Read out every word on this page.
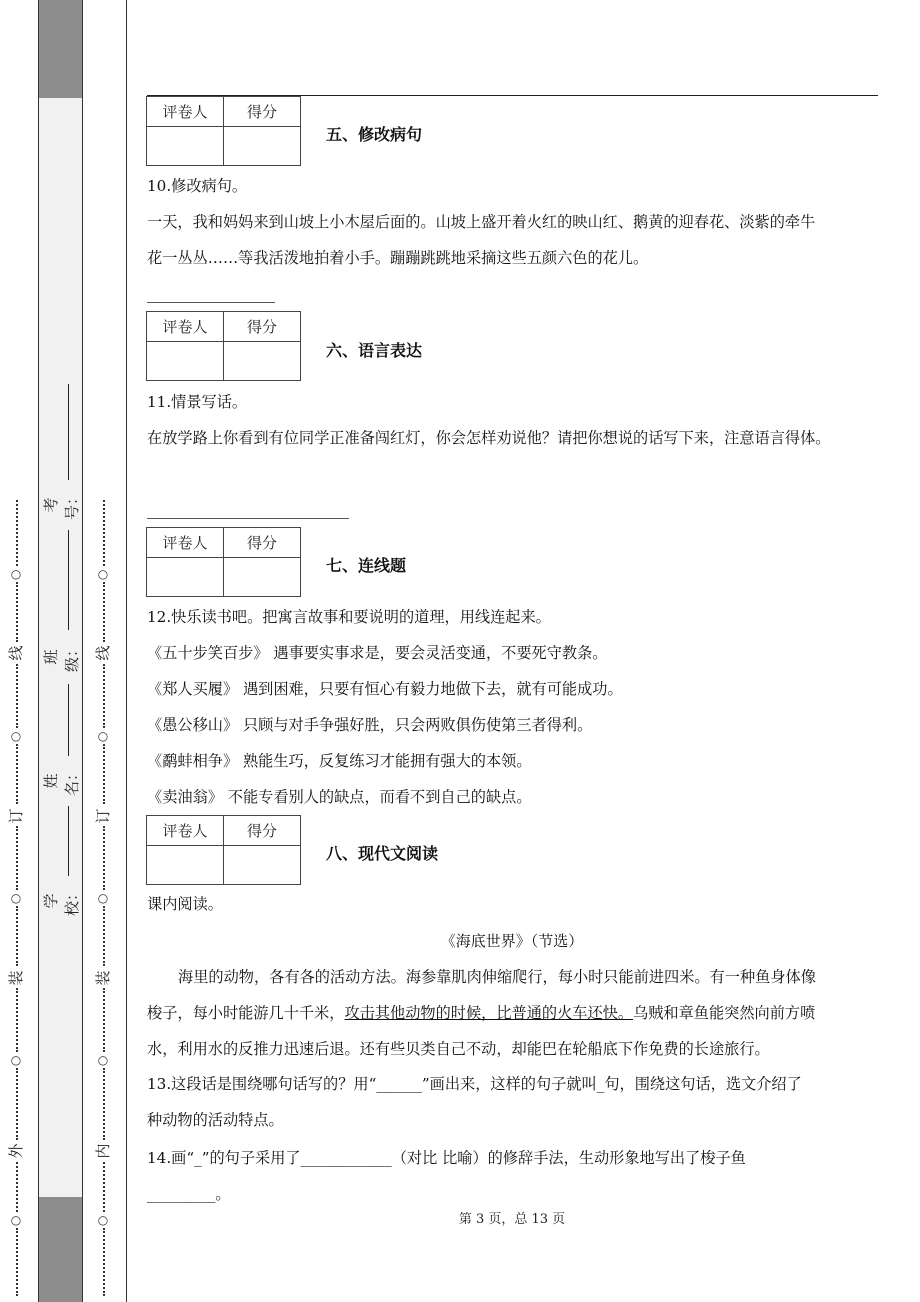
○
线
○
订
○
装
○
外
○
考号：
班级：
姓名：
学校：
○
线
○
订
○
装
○
内
○
评卷人	得分

五、修改病句
10.修改病句。
一天，我和妈妈来到山坡上小木屋后面的。山坡上盛开着火红的映山红、鹅黄的迎春花、淡紫的牵牛
花一丛丛……等我活泼地拍着小手。蹦蹦跳跳地采摘这些五颜六色的花儿。
评卷人	得分

六、语言表达
11.情景写话。
在放学路上你看到有位同学正准备闯红灯，你会怎样劝说他？请把你想说的话写下来，注意语言得体。
评卷人	得分

七、连线题
12.快乐读书吧。把寓言故事和要说明的道理，用线连起来。
《五十步笑百步》 遇事要实事求是，要会灵活变通，不要死守教条。
《郑人买履》 遇到困难，只要有恒心有毅力地做下去，就有可能成功。
《愚公移山》 只顾与对手争强好胜，只会两败俱伤使第三者得利。
《鹬蚌相争》 熟能生巧，反复练习才能拥有强大的本领。
《卖油翁》 不能专看别人的缺点，而看不到自己的缺点。
评卷人	得分

八、现代文阅读
课内阅读。
《海底世界》（节选）
海里的动物，各有各的活动方法。海参靠肌肉伸缩爬行，每小时只能前进四米。有一种鱼身体像
梭子，每小时能游几十千米，攻击其他动物的时候，比普通的火车还快。乌贼和章鱼能突然向前方喷
水，利用水的反推力迅速后退。还有些贝类自己不动，却能巴在轮船底下作免费的长途旅行。
13.这段话是围绕哪句话写的？用“______”画出来，这样的句子就叫_句，围绕这句话，选文介绍了
种动物的活动特点。
14.画“_”的句子采用了____________（对比 比喻）的修辞手法，生动形象地写出了梭子鱼
_________。
第 3 页，总 13 页
